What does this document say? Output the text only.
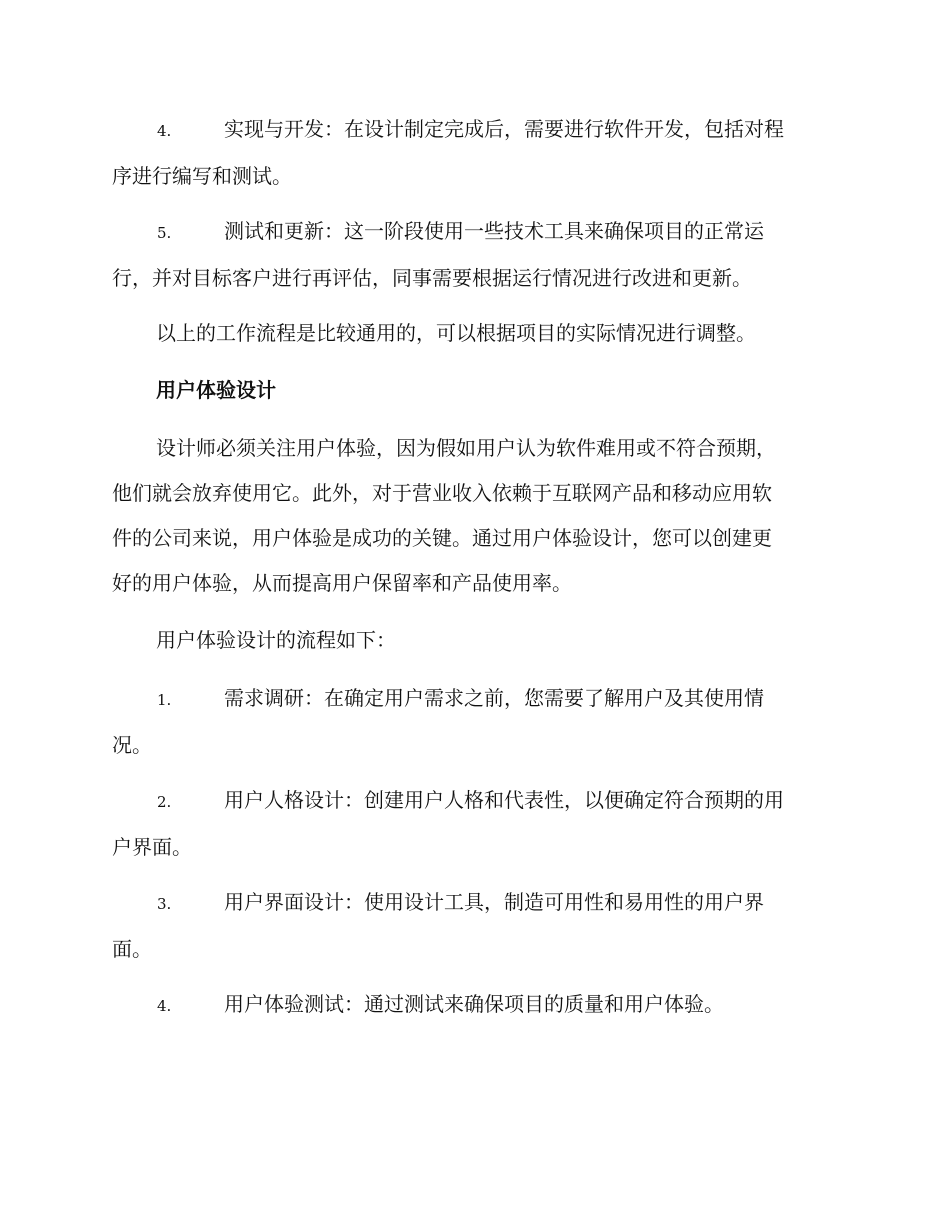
4.	实现与开发：在设计制定完成后，需要进行软件开发，包括对程
序进行编写和测试。
5.	测试和更新：这一阶段使用一些技术工具来确保项目的正常运
行，并对目标客户进行再评估，同事需要根据运行情况进行改进和更新。
以上的工作流程是比较通用的，可以根据项目的实际情况进行调整。
用户体验设计
设计师必须关注用户体验，因为假如用户认为软件难用或不符合预期，
他们就会放弃使用它。此外，对于营业收入依赖于互联网产品和移动应用软
件的公司来说，用户体验是成功的关键。通过用户体验设计，您可以创建更
好的用户体验，从而提高用户保留率和产品使用率。
用户体验设计的流程如下：
1.	需求调研：在确定用户需求之前，您需要了解用户及其使用情
况。
2.	用户人格设计：创建用户人格和代表性，以便确定符合预期的用
户界面。
3.	用户界面设计：使用设计工具，制造可用性和易用性的用户界
面。
4.	用户体验测试：通过测试来确保项目的质量和用户体验。
